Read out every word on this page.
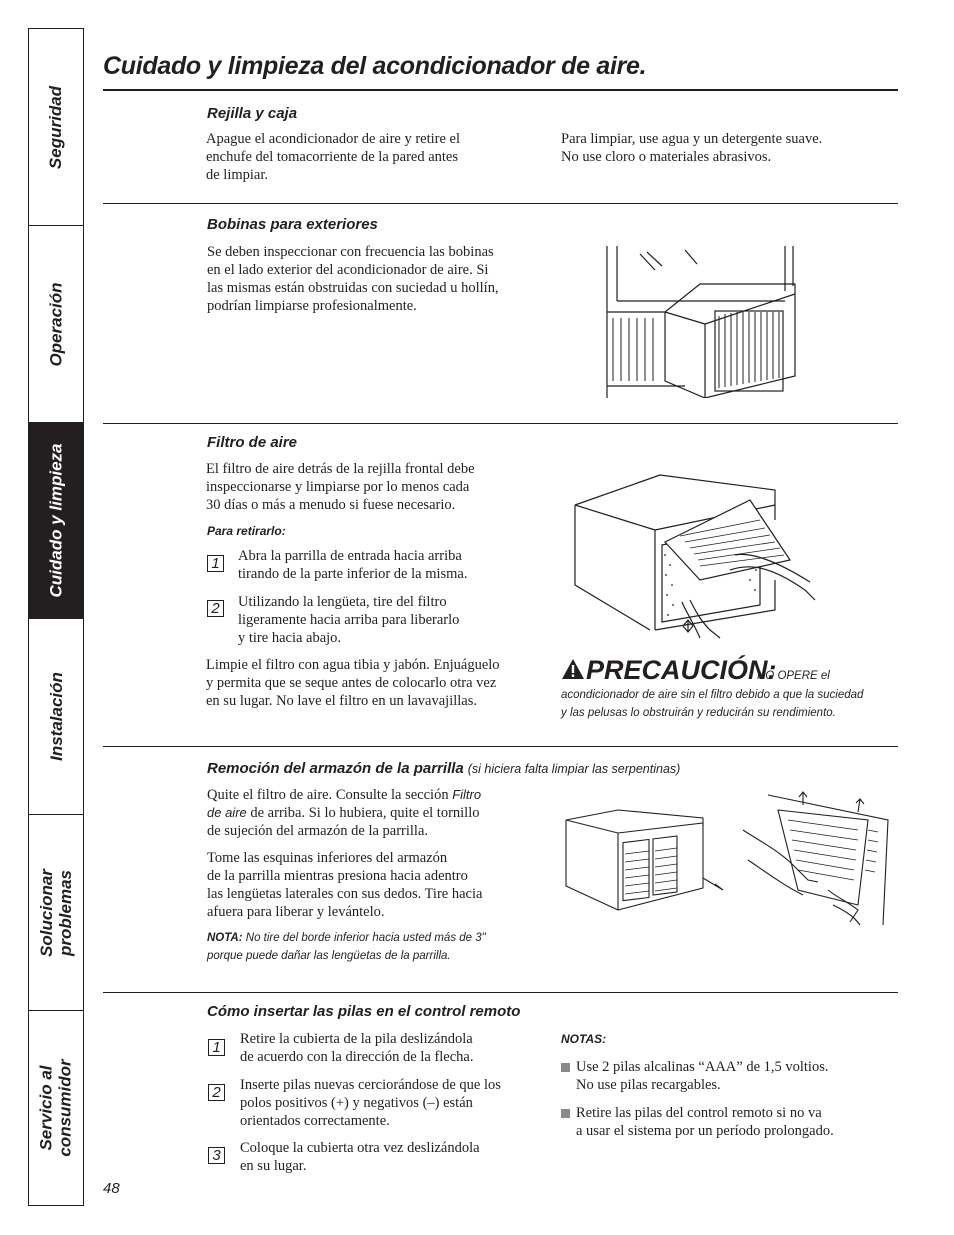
Seguridad
Operación
Cuidado y limpieza
Instalación
Solucionar
problemas
Servicio al
consumidor
Cuidado y limpieza del acondicionador de aire.
Rejilla y caja
Apague el acondicionador de aire y retire el
enchufe del tomacorriente de la pared antes
de limpiar.
Para limpiar, use agua y un detergente suave.
No use cloro o materiales abrasivos.
Bobinas para exteriores
Se deben inspeccionar con frecuencia las bobinas
en el lado exterior del acondicionador de aire. Si
las mismas están obstruidas con suciedad u hollín,
podrían limpiarse profesionalmente.
Filtro de aire
El filtro de aire detrás de la rejilla frontal debe
inspeccionarse y limpiarse por lo menos cada
30 días o más a menudo si fuese necesario.
Para retirarlo:
1 Abra la parrilla de entrada hacia arriba
tirando de la parte inferior de la misma.
2 Utilizando la lengüeta, tire del filtro
ligeramente hacia arriba para liberarlo
y tire hacia abajo.
Limpie el filtro con agua tibia y jabón. Enjuáguelo
y permita que se seque antes de colocarlo otra vez
en su lugar. No lave el filtro en un lavavajillas.
PRECAUCIÓN:
NO OPERE el
acondicionador de aire sin el filtro debido a que la suciedad
y las pelusas lo obstruirán y reducirán su rendimiento.
Remoción del armazón de la parrilla (si hiciera falta limpiar las serpentinas)
Quite el filtro de aire. Consulte la sección Filtro
de aire de arriba. Si lo hubiera, quite el tornillo
de sujeción del armazón de la parrilla.
Tome las esquinas inferiores del armazón
de la parrilla mientras presiona hacia adentro
las lengüetas laterales con sus dedos. Tire hacia
afuera para liberar y levántelo.
NOTA: No tire del borde inferior hacia usted más de 3"
porque puede dañar las lengüetas de la parrilla.
Cómo insertar las pilas en el control remoto
1 Retire la cubierta de la pila deslizándola
de acuerdo con la dirección de la flecha.
2 Inserte pilas nuevas cerciorándose de que los
polos positivos (+) y negativos (–) están
orientados correctamente.
3 Coloque la cubierta otra vez deslizándola
en su lugar.
NOTAS:
Use 2 pilas alcalinas “AAA” de 1,5 voltios.
No use pilas recargables.
Retire las pilas del control remoto si no va
a usar el sistema por un período prolongado.
48
